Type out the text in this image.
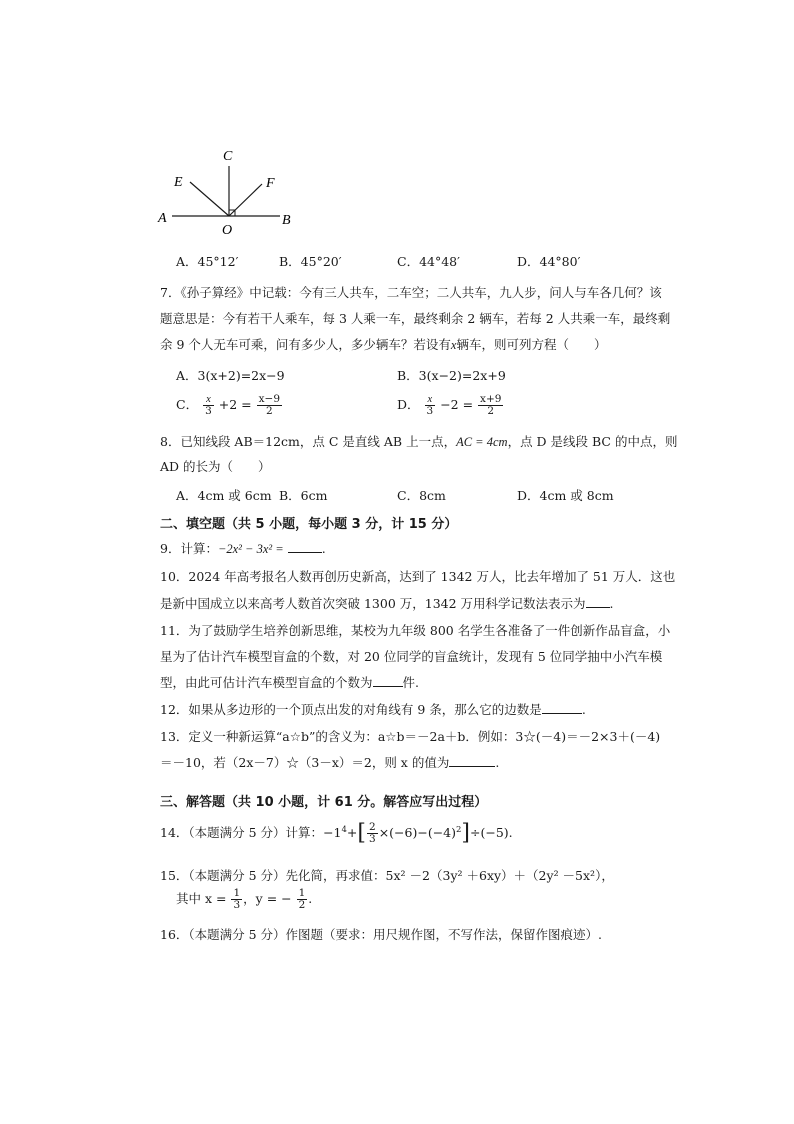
C
E	F
A
O
B
A．45°12′	B．45°20′	C．44°48′	D．44°80′
7．《孙子算经》中记载：今有三人共车，二车空；二人共车，九人步，问人与车各几何？该
题意思是：今有若干人乘车，每 3 人乘一车，最终剩余 2 辆车，若每 2 人共乘一车，最终剩
余 9 个人无车可乘，问有多少人，多少辆车？若设有x辆车，则可列方程（　　）
A．3(x+2)=2x−9	B．3(x−2)=2x+9
C． $\frac{x}{3} +2 = \frac{x-9}{2}$	D． $\frac{x}{3} -2 = \frac{x+9}{2}$
8．已知线段 AB＝12cm，点 C 是直线 AB 上一点，AC = 4cm，点 D 是线段 BC 的中点，则
AD 的长为（　　）
A．4cm 或 6cm B．6cm	C．8cm	D．4cm 或 8cm
二、填空题（共 5 小题，每小题 3 分，计 15 分）
9．计算：−2x² − 3x² =	.
10．2024 年高考报名人数再创历史新高，达到了 1342 万人，比去年增加了 51 万人．这也
是新中国成立以来高考人数首次突破 1300 万，1342 万用科学记数法表示为 .
11．为了鼓励学生培养创新思维，某校为九年级 800 名学生各准备了一件创新作品盲盒，小
星为了估计汽车模型盲盒的个数，对 20 位同学的盲盒统计，发现有 5 位同学抽中小汽车模
型，由此可估计汽车模型盲盒的个数为 件.
12．如果从多边形的一个顶点出发的对角线有 9 条，那么它的边数是	.
13．定义一种新运算“a☆b”的含义为：a☆b＝－2a＋b．例如：3☆(－4)＝－2×3＋(－4)
＝－10，若（2x－7）☆（3－x）＝2，则 x 的值为	.
三、解答题（共 10 小题，计 61 分。解答应写出过程）
14．（本题满分 5 分）计算：$-1^4+[ \frac{2}{3} \times(-6)-(-4)^2]\div(-5)$.
15．（本题满分 5 分）先化简，再求值：5x² －2（3y² ＋6xy）＋（2y² －5x²），
其中 $x = \frac{1}{3}$ ，y = − $\frac{1}{2}$ .
16．（本题满分 5 分）作图题（要求：用尺规作图，不写作法，保留作图痕迹）.
